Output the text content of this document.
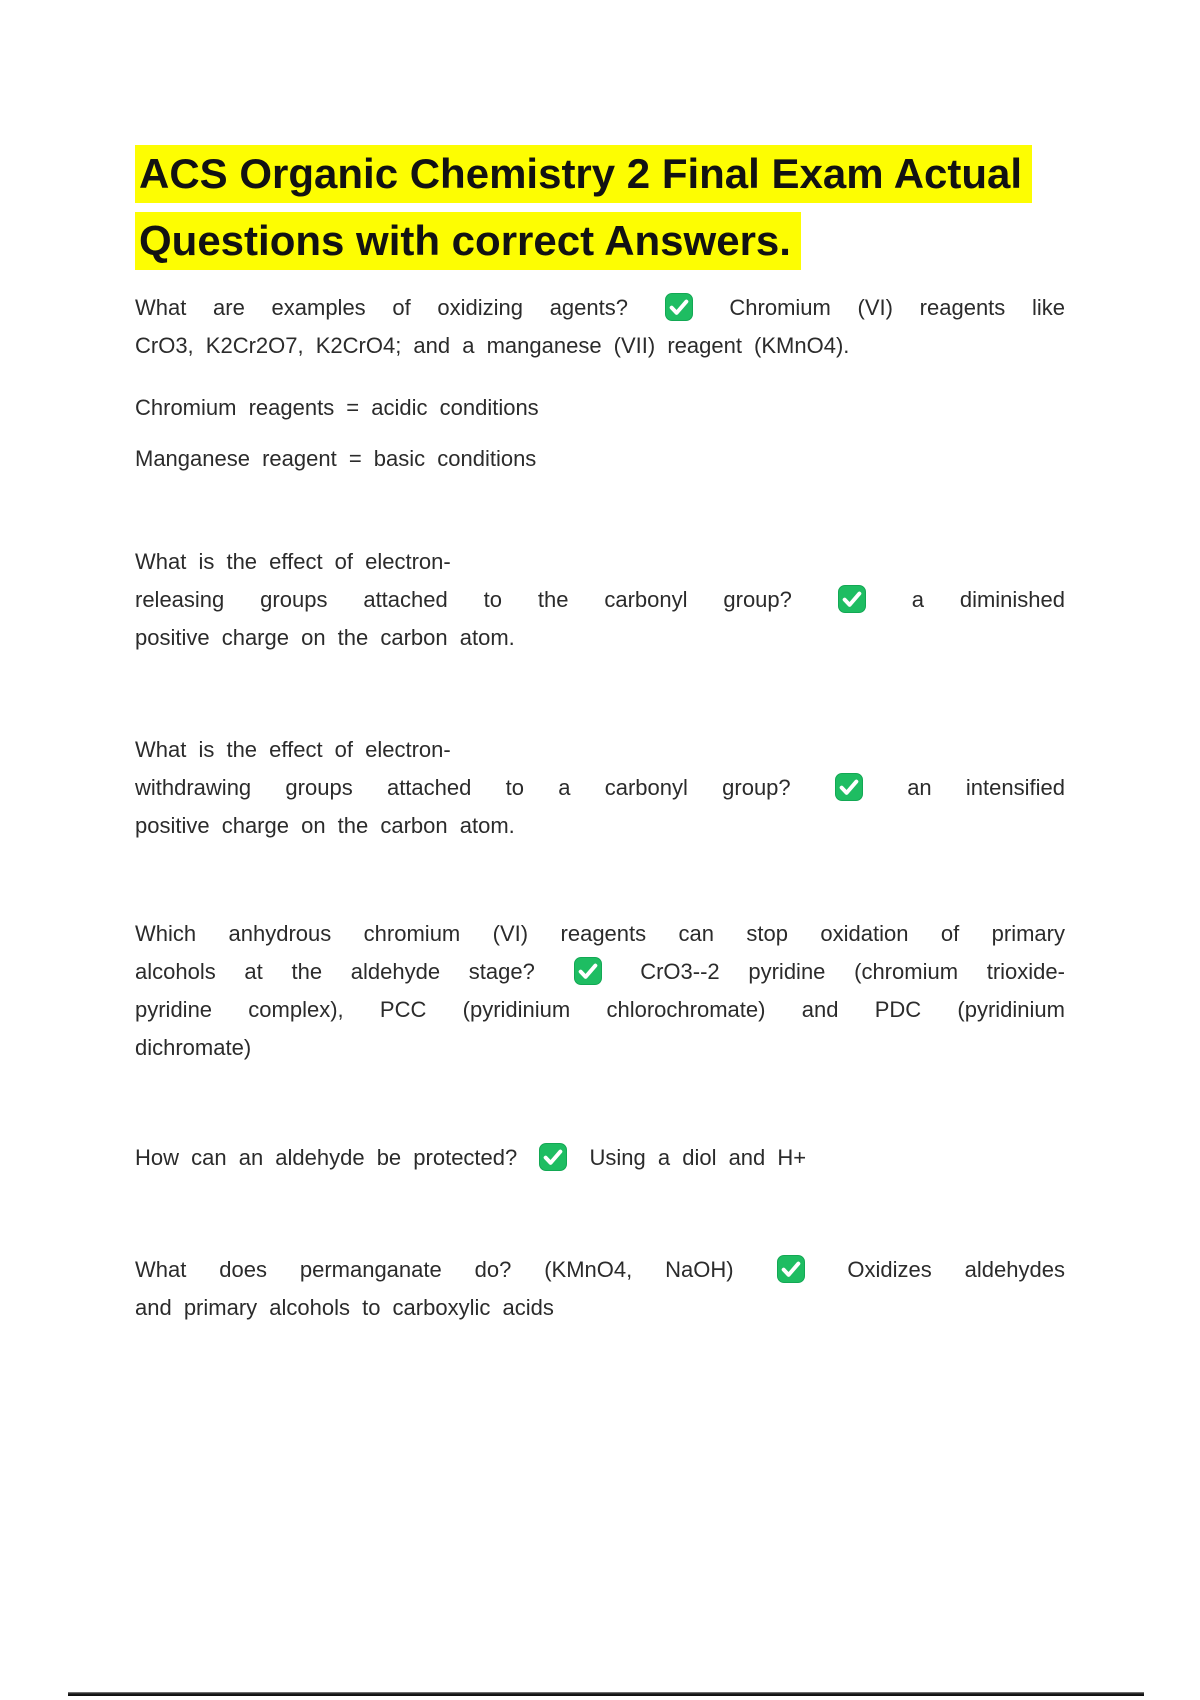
ACS Organic Chemistry 2 Final Exam Actual
Questions with correct Answers.
What are examples of oxidizing agents?	Chromium (VI) reagents like
CrO3, K2Cr2O7, K2CrO4; and a manganese (VII) reagent (KMnO4).
Chromium reagents = acidic conditions
Manganese reagent = basic conditions
What is the effect of electron-
releasing groups attached to the carbonyl group?	a diminished
positive charge on the carbon atom.
What is the effect of electron-
withdrawing groups attached to a carbonyl group?	an intensified
positive charge on the carbon atom.
Which anhydrous chromium (VI) reagents can stop oxidation of primary
alcohols at the aldehyde stage?	CrO3--2 pyridine (chromium trioxide-
pyridine complex), PCC (pyridinium chlorochromate) and PDC (pyridinium
dichromate)
How can an aldehyde be protected?	Using a diol and H+
What does permanganate do? (KMnO4, NaOH)	Oxidizes aldehydes
and primary alcohols to carboxylic acids
